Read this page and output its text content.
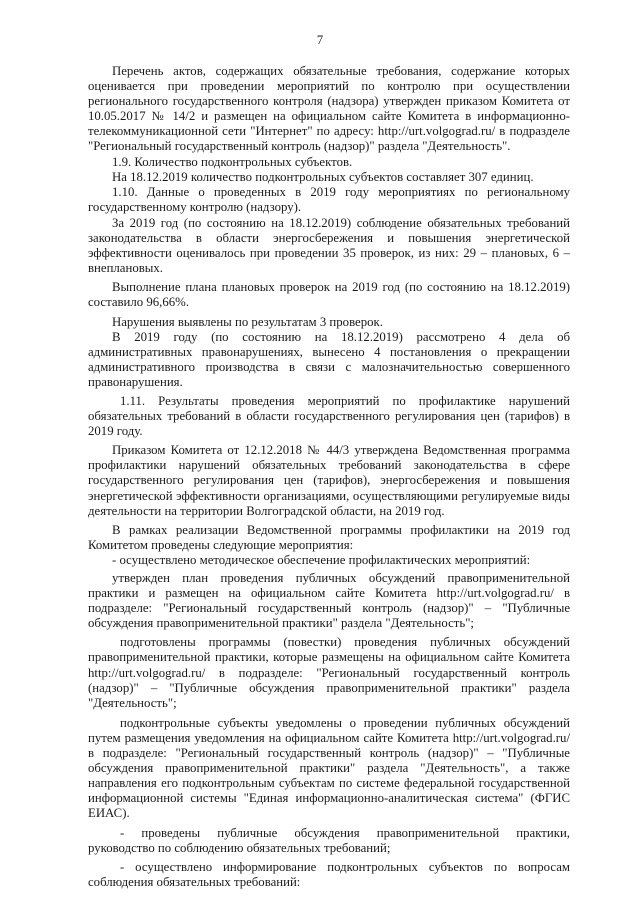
7

Перечень актов, содержащих обязательные требования, содержание которых оценивается при проведении мероприятий по контролю при осуществлении регионального государственного контроля (надзора) утвержден приказом Комитета от 10.05.2017 № 14/2 и размещен на официальном сайте Комитета в информационно-телекоммуникационной сети "Интернет" по адресу: http://urt.volgograd.ru/ в подразделе "Региональный государственный контроль (надзор)" раздела "Деятельность".

1.9. Количество подконтрольных субъектов.

На 18.12.2019 количество подконтрольных субъектов составляет 307 единиц.

1.10. Данные о проведенных в 2019 году мероприятиях по региональному государственному контролю (надзору).

За 2019 год (по состоянию на 18.12.2019) соблюдение обязательных требований законодательства в области энергосбережения и повышения энергетической эффективности оценивалось при проведении 35 проверок, из них: 29 – плановых, 6 – внеплановых.

Выполнение плана плановых проверок на 2019 год (по состоянию на 18.12.2019) составило 96,66%.

Нарушения выявлены по результатам 3 проверок.

В 2019 году (по состоянию на 18.12.2019) рассмотрено 4 дела об административных правонарушениях, вынесено 4 постановления о прекращении административного производства в связи с малозначительностью совершенного правонарушения.

1.11. Результаты проведения мероприятий по профилактике нарушений обязательных требований в области государственного регулирования цен (тарифов) в 2019 году.

Приказом Комитета от 12.12.2018 № 44/3 утверждена Ведомственная программа профилактики нарушений обязательных требований законодательства в сфере государственного регулирования цен (тарифов), энергосбережения и повышения энергетической эффективности организациями, осуществляющими регулируемые виды деятельности на территории Волгоградской области, на 2019 год.

В рамках реализации Ведомственной программы профилактики на 2019 год Комитетом проведены следующие мероприятия:

- осуществлено методическое обеспечение профилактических мероприятий:

утвержден план проведения публичных обсуждений правоприменительной практики и размещен на официальном сайте Комитета http://urt.volgograd.ru/ в подразделе: "Региональный государственный контроль (надзор)" – "Публичные обсуждения правоприменительной практики" раздела "Деятельность";

подготовлены программы (повестки) проведения публичных обсуждений правоприменительной практики, которые размещены на официальном сайте Комитета http://urt.volgograd.ru/ в подразделе: "Региональный государственный контроль (надзор)" – "Публичные обсуждения правоприменительной практики" раздела "Деятельность";

подконтрольные субъекты уведомлены о проведении публичных обсуждений путем размещения уведомления на официальном сайте Комитета http://urt.volgograd.ru/ в подразделе: "Региональный государственный контроль (надзор)" – "Публичные обсуждения правоприменительной практики" раздела "Деятельность", а также направления его подконтрольным субъектам по системе федеральной государственной информационной системы "Единая информационно-аналитическая система" (ФГИС ЕИАС).

- проведены публичные обсуждения правоприменительной практики, руководство по соблюдению обязательных требований;

- осуществлено информирование подконтрольных субъектов по вопросам соблюдения обязательных требований:
